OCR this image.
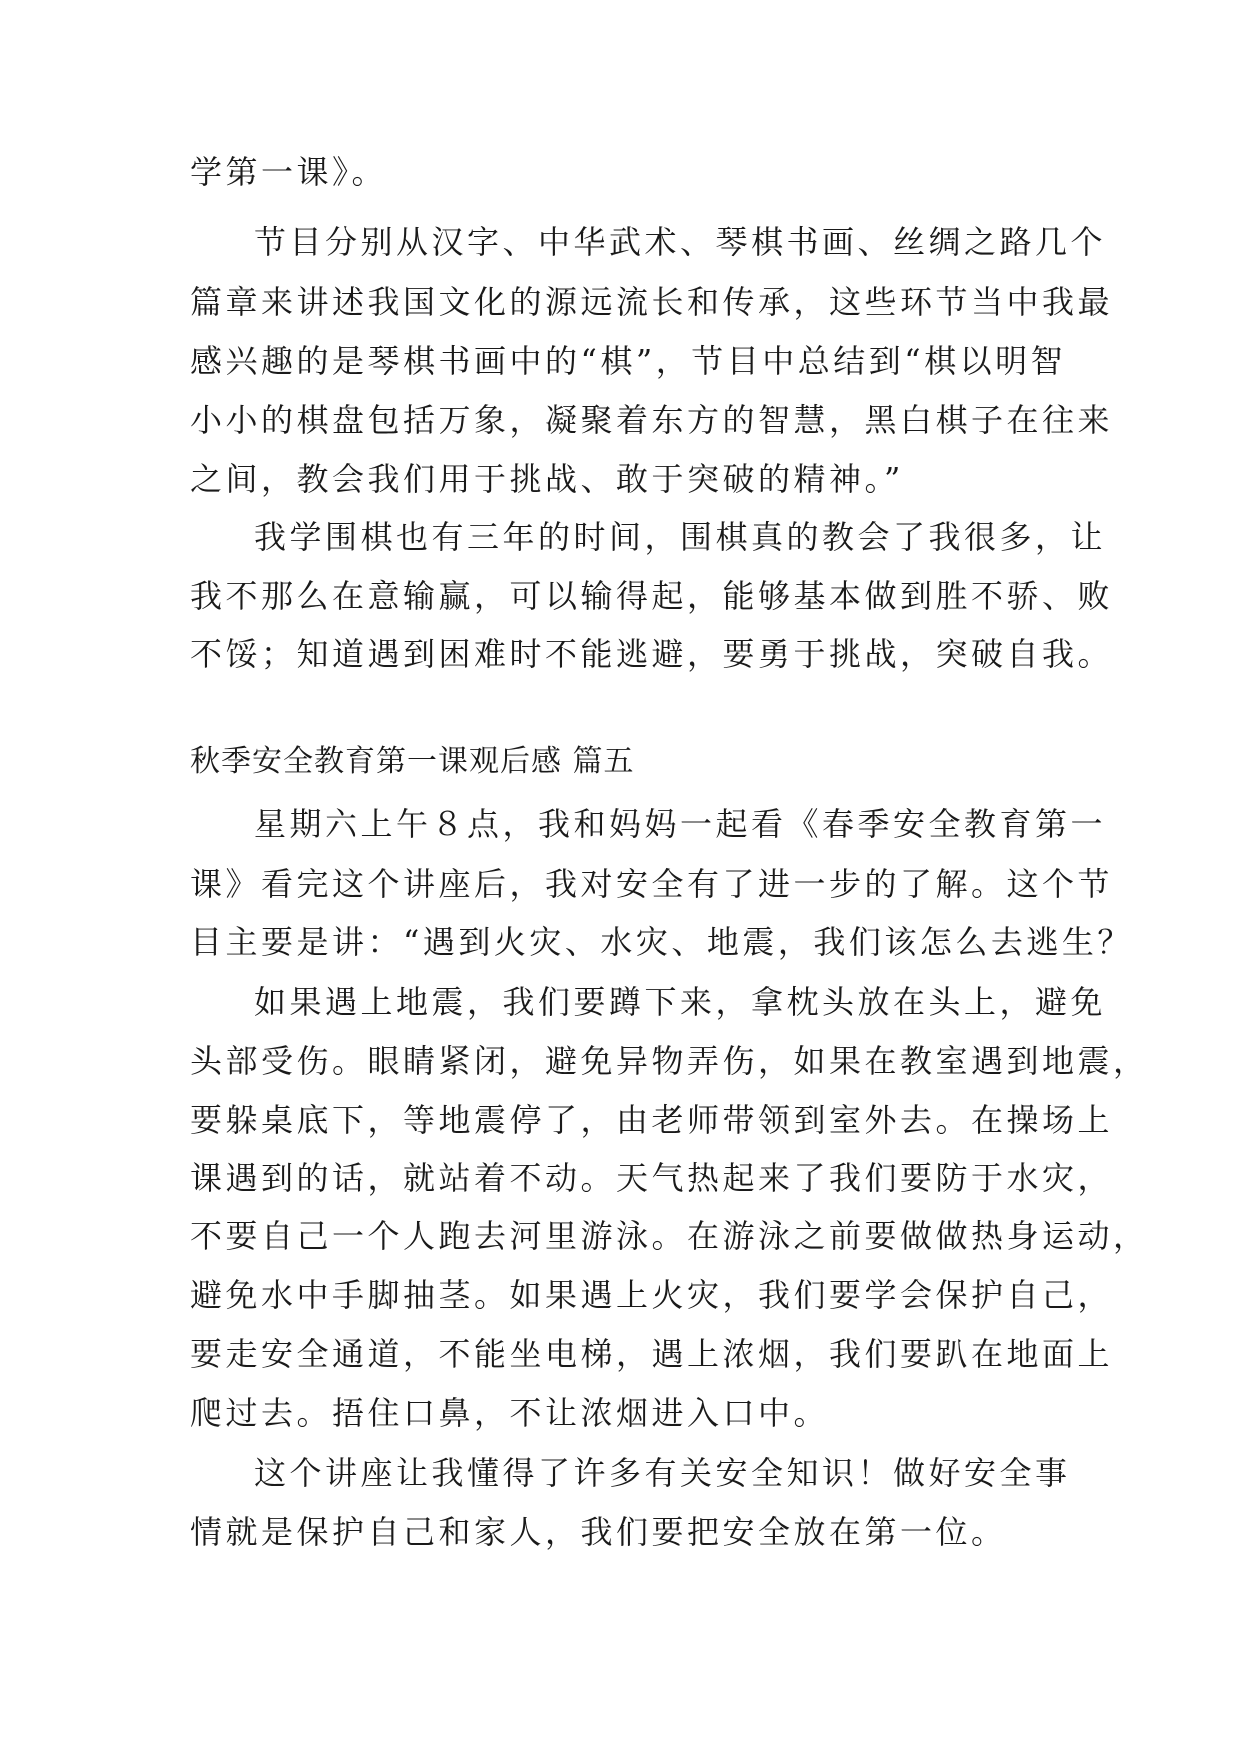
学第一课》。
节目分别从汉字、中华武术、琴棋书画、丝绸之路几个
篇章来讲述我国文化的源远流长和传承，这些环节当中我最
感兴趣的是琴棋书画中的“棋”，节目中总结到“棋以明智
小小的棋盘包括万象，凝聚着东方的智慧，黑白棋子在往来
之间，教会我们用于挑战、敢于突破的精神。”
我学围棋也有三年的时间，围棋真的教会了我很多，让
我不那么在意输赢，可以输得起，能够基本做到胜不骄、败
不馁；知道遇到困难时不能逃避，要勇于挑战，突破自我。
秋季安全教育第一课观后感 篇五
星期六上午８点，我和妈妈一起看《春季安全教育第一
课》看完这个讲座后，我对安全有了进一步的了解。这个节
目主要是讲：“遇到火灾、水灾、地震，我们该怎么去逃生？
如果遇上地震，我们要蹲下来，拿枕头放在头上，避免
头部受伤。眼睛紧闭，避免异物弄伤，如果在教室遇到地震，
要躲桌底下，等地震停了，由老师带领到室外去。在操场上
课遇到的话，就站着不动。天气热起来了我们要防于水灾，
不要自己一个人跑去河里游泳。在游泳之前要做做热身运动，
避免水中手脚抽茎。如果遇上火灾，我们要学会保护自己，
要走安全通道，不能坐电梯，遇上浓烟，我们要趴在地面上
爬过去。捂住口鼻，不让浓烟进入口中。
这个讲座让我懂得了许多有关安全知识！做好安全事
情就是保护自己和家人，我们要把安全放在第一位。
